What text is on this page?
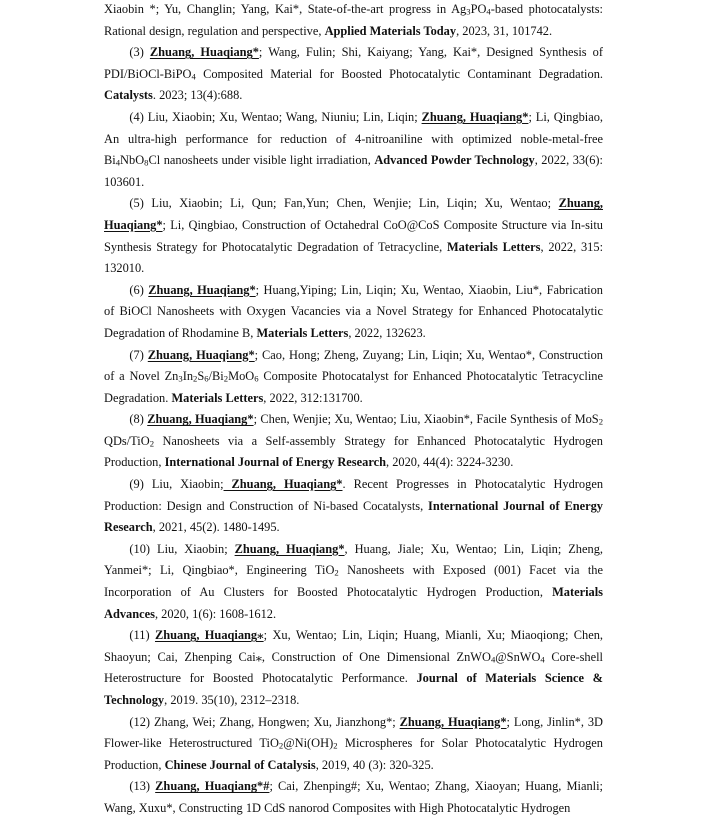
Xiaobin *; Yu, Changlin; Yang, Kai*, State-of-the-art progress in $Ag_3PO_4$-based photocatalysts: Rational design, regulation and perspective, Applied Materials Today, 2023, 31, 101742.

(3) Zhuang, Huaqiang*; Wang, Fulin; Shi, Kaiyang; Yang, Kai*, Designed Synthesis of PDI/BiOCl-BiPO$_4$ Composited Material for Boosted Photocatalytic Contaminant Degradation. Catalysts. 2023; 13(4):688.

(4) Liu, Xiaobin; Xu, Wentao; Wang, Niuniu; Lin, Liqin; Zhuang, Huaqiang*; Li, Qingbiao, An ultra-high performance for reduction of 4-nitroaniline with optimized noble-metal-free $Bi_4NbO_8Cl$ nanosheets under visible light irradiation, Advanced Powder Technology, 2022, 33(6): 103601.

(5) Liu, Xiaobin; Li, Qun; Fan,Yun; Chen, Wenjie; Lin, Liqin; Xu, Wentao; Zhuang, Huaqiang*; Li, Qingbiao, Construction of Octahedral CoO@CoS Composite Structure via In-situ Synthesis Strategy for Photocatalytic Degradation of Tetracycline, Materials Letters, 2022, 315: 132010.

(6) Zhuang, Huaqiang*; Huang,Yiping; Lin, Liqin; Xu, Wentao, Xiaobin, Liu*, Fabrication of BiOCl Nanosheets with Oxygen Vacancies via a Novel Strategy for Enhanced Photocatalytic Degradation of Rhodamine B, Materials Letters, 2022, 132623.

(7) Zhuang, Huaqiang*; Cao, Hong; Zheng, Zuyang; Lin, Liqin; Xu, Wentao*, Construction of a Novel $Zn_3In_2S_6/Bi_2MoO_6$ Composite Photocatalyst for Enhanced Photocatalytic Tetracycline Degradation. Materials Letters, 2022, 312:131700.

(8) Zhuang, Huaqiang*; Chen, Wenjie; Xu, Wentao; Liu, Xiaobin*, Facile Synthesis of MoS$_2$ QDs/TiO$_2$ Nanosheets via a Self-assembly Strategy for Enhanced Photocatalytic Hydrogen Production, International Journal of Energy Research, 2020, 44(4): 3224-3230.

(9) Liu, Xiaobin; Zhuang, Huaqiang*. Recent Progresses in Photocatalytic Hydrogen Production: Design and Construction of Ni-based Cocatalysts, International Journal of Energy Research, 2021, 45(2). 1480-1495.

(10) Liu, Xiaobin; Zhuang, Huaqiang*, Huang, Jiale; Xu, Wentao; Lin, Liqin; Zheng, Yanmei*; Li, Qingbiao*, Engineering TiO$_2$ Nanosheets with Exposed (001) Facet via the Incorporation of Au Clusters for Boosted Photocatalytic Hydrogen Production, Materials Advances, 2020, 1(6): 1608-1612.

(11) Zhuang, Huaqiang⁎; Xu, Wentao; Lin, Liqin; Huang, Mianli, Xu; Miaoqiong; Chen, Shaoyun; Cai, Zhenping Cai⁎, Construction of One Dimensional ZnWO$_4$@SnWO$_4$ Core-shell Heterostructure for Boosted Photocatalytic Performance. Journal of Materials Science & Technology, 2019. 35(10), 2312–2318.

(12) Zhang, Wei; Zhang, Hongwen; Xu, Jianzhong*; Zhuang, Huaqiang*; Long, Jinlin*, 3D Flower-like Heterostructured $TiO_2@Ni(OH)_2$ Microspheres for Solar Photocatalytic Hydrogen Production, Chinese Journal of Catalysis, 2019, 40 (3): 320-325.

(13) Zhuang, Huaqiang*#; Cai, Zhenping#; Xu, Wentao; Zhang, Xiaoyan; Huang, Mianli; Wang, Xuxu*, Constructing 1D CdS nanorod Composites with High Photocatalytic Hydrogen
